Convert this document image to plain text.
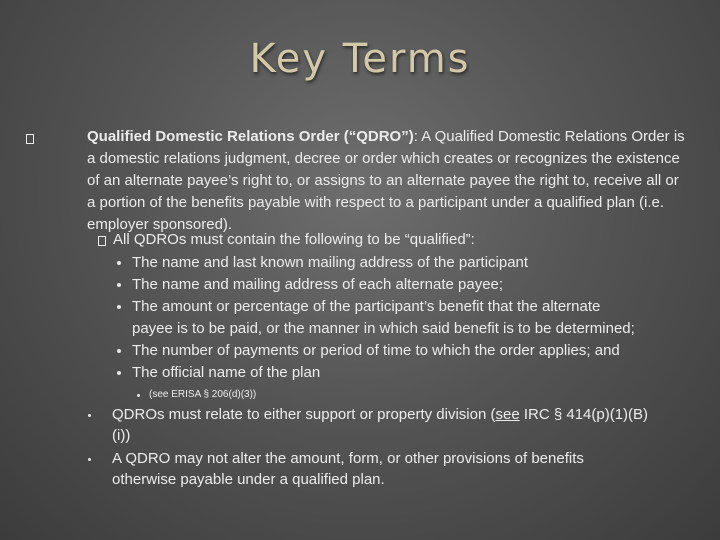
Key Terms
Qualified Domestic Relations Order (“QDRO”): A Qualified Domestic Relations Order is a domestic relations judgment, decree or order which creates or recognizes the existence of an alternate payee’s right to, or assigns to an alternate payee the right to, receive all or a portion of the benefits payable with respect to a participant under a qualified plan (i.e. employer sponsored).
All QDROs must contain the following to be “qualified”:
The name and last known mailing address of the participant
The name and mailing address of each alternate payee;
The amount or percentage of the participant’s benefit that the alternate
payee is to be paid, or the manner in which said benefit is to be determined;
The number of payments or period of time to which the order applies; and
The official name of the plan
(see ERISA § 206(d)(3))
QDROs must relate to either support or property division (see IRC § 414(p)(1)(B)(i))
A QDRO may not alter the amount, form, or other provisions of benefits otherwise payable under a qualified plan.
